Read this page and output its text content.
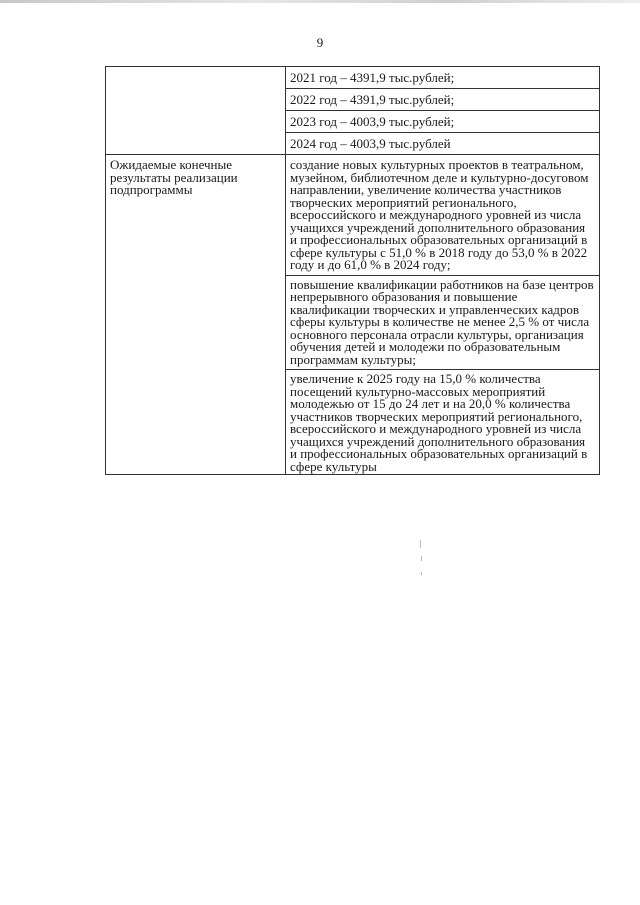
9

	2021 год – 4391,9 тыс.рублей;
2022 год – 4391,9 тыс.рублей;
2023 год – 4003,9 тыс.рублей;
2024 год – 4003,9 тыс.рублей

Ожидаемые конечные результаты реализации подпрограммы	создание новых культурных проектов в театральном, музейном, библиотечном деле и культурно-досуговом направлении, увеличение количества участников творческих мероприятий регионального, всероссийского и международного уровней из числа учащихся учреждений дополнительного образования и профессиональных образовательных организаций в сфере культуры с 51,0 % в 2018 году до 53,0 % в 2022 году и до 61,0 % в 2024 году;
повышение квалификации работников на базе центров непрерывного образования и повышение квалификации творческих и управленческих кадров сферы культуры в количестве не менее 2,5 % от числа основного персонала отрасли культуры, организация обучения детей и молодежи по образовательным программам культуры;
увеличение к 2025 году на 15,0 % количества посещений культурно-массовых мероприятий молодежью от 15 до 24 лет и на 20,0 % количества участников творческих мероприятий регионального, всероссийского и международного уровней из числа учащихся учреждений дополнительного образования и профессиональных образовательных организаций в сфере культуры
